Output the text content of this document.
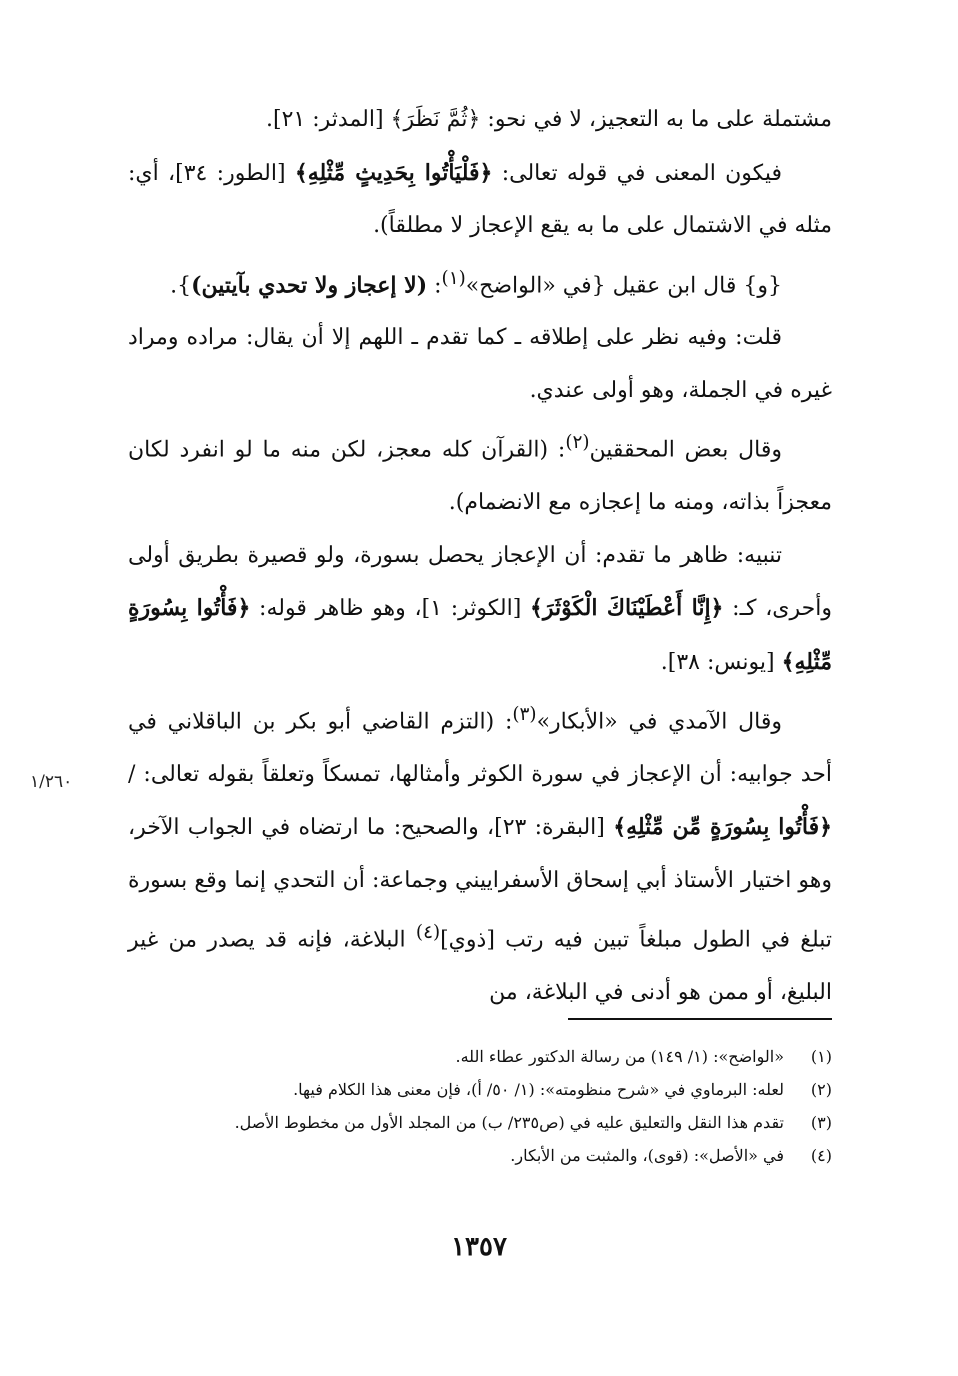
مشتملة على ما به التعجيز، لا في نحو: ﴿ثُمَّ نَظَرَ﴾ [المدثر: ٢١].

فيكون المعنى في قوله تعالى: ﴿فَلْيَأْتُوا بِحَدِيثٍ مِّثْلِهِ﴾ [الطور: ٣٤]، أي: مثله في الاشتمال على ما به يقع الإعجاز لا مطلقاً).

{و} قال ابن عقيل {في «الواضح»$^{(١)}$: (لا إعجاز ولا تحدي بآيتين)}.

قلت: وفيه نظر على إطلاقه ـ كما تقدم ـ اللهم إلا أن يقال: مراده ومراد غيره في الجملة، وهو أولى عندي.

وقال بعض المحققين$^{(٢)}$: (القرآن كله معجز، لكن منه ما لو انفرد لكان معجزاً بذاته، ومنه ما إعجازه مع الانضمام).

تنبيه: ظاهر ما تقدم: أن الإعجاز يحصل بسورة، ولو قصيرة بطريق أولى وأحرى، كـ: ﴿إِنَّا أَعْطَيْنَاكَ الْكَوْثَرَ﴾ [الكوثر: ١]، وهو ظاهر قوله: ﴿فَأْتُوا بِسُورَةٍ مِّثْلِهِ﴾ [يونس: ٣٨].

وقال الآمدي في «الأبكار»$^{(٣)}$: (التزم القاضي أبو بكر بن الباقلاني في أحد جوابيه: أن الإعجاز في سورة الكوثر وأمثالها، تمسكاً وتعلقاً بقوله تعالى: / ﴿فَأْتُوا بِسُورَةٍ مِّن مِّثْلِهِ﴾ [البقرة: ٢٣]، والصحيح: ما ارتضاه في الجواب الآخر، وهو اختيار الأستاذ أبي إسحاق الأسفراييني وجماعة: أن التحدي إنما وقع بسورة تبلغ في الطول مبلغاً تبين فيه رتب [ذوي]$^{(٤)}$ البلاغة، فإنه قد يصدر من غير البليغ، أو ممن هو أدنى في البلاغة، من

١/٢٦٠
(١)
«الواضح»: (١/ ١٤٩) من رسالة الدكتور عطاء الله.
(٢)
لعله: البرماوي في «شرح منظومته»: (١/ ٥٠/ أ)، فإن معنى هذا الكلام فيها.
(٣)
تقدم هذا النقل والتعليق عليه في (ص٢٣٥/ ب) من المجلد الأول من مخطوط الأصل.
(٤)
في «الأصل»: (قوى)، والمثبت من الأبكار.
١٣٥٧
